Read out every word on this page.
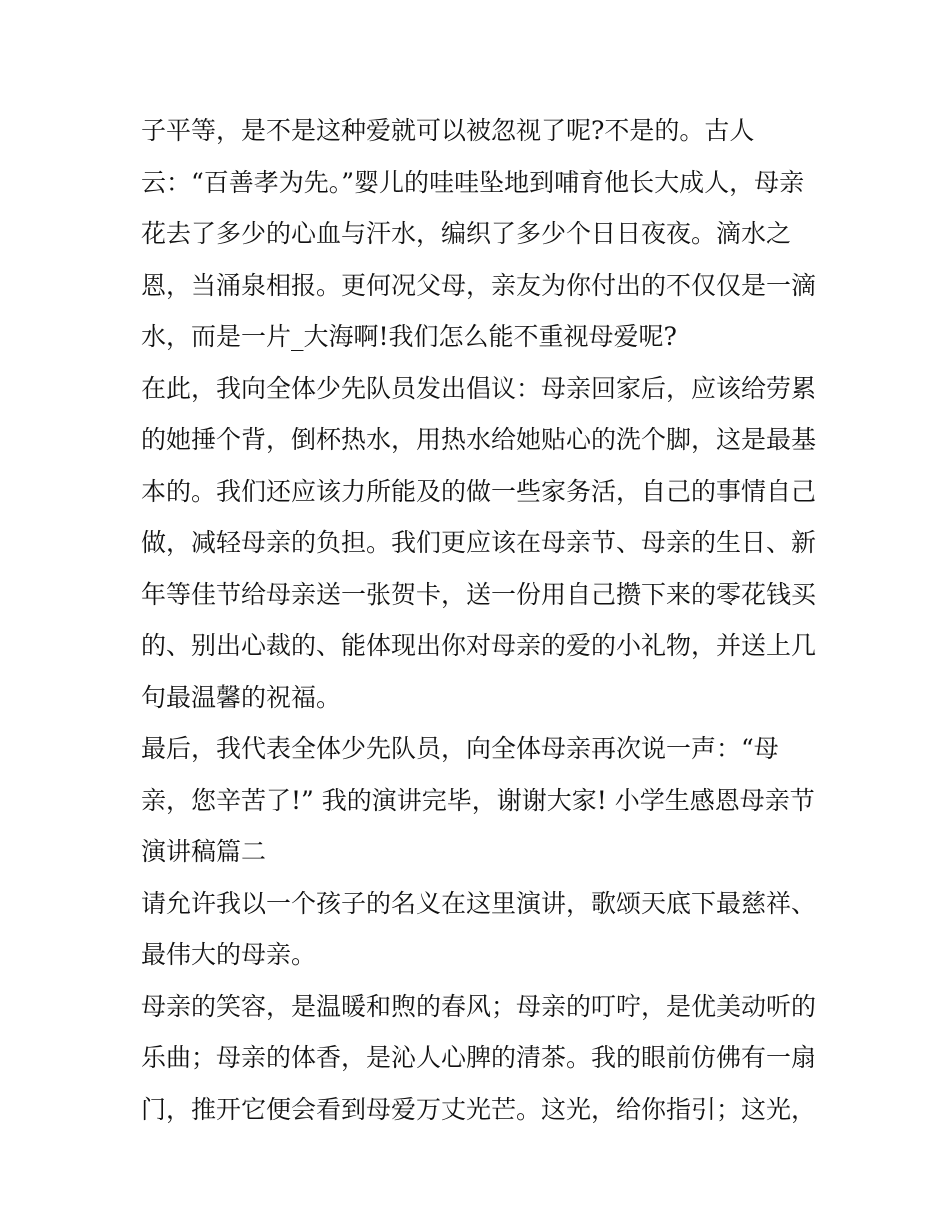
子平等，是不是这种爱就可以被忽视了呢?不是的。古人
云：“百善孝为先。”婴儿的哇哇坠地到哺育他长大成人，母亲
花去了多少的心血与汗水，编织了多少个日日夜夜。滴水之
恩，当涌泉相报。更何况父母，亲友为你付出的不仅仅是一滴
水，而是一片_大海啊!我们怎么能不重视母爱呢?
在此，我向全体少先队员发出倡议：母亲回家后，应该给劳累
的她捶个背，倒杯热水，用热水给她贴心的洗个脚，这是最基
本的。我们还应该力所能及的做一些家务活，自己的事情自己
做，减轻母亲的负担。我们更应该在母亲节、母亲的生日、新
年等佳节给母亲送一张贺卡，送一份用自己攒下来的零花钱买
的、别出心裁的、能体现出你对母亲的爱的小礼物，并送上几
句最温馨的祝福。
最后，我代表全体少先队员，向全体母亲再次说一声：“母
亲，您辛苦了!” 我的演讲完毕，谢谢大家! 小学生感恩母亲节
演讲稿篇二
请允许我以一个孩子的名义在这里演讲，歌颂天底下最慈祥、
最伟大的母亲。
母亲的笑容，是温暖和煦的春风；母亲的叮咛，是优美动听的
乐曲；母亲的体香，是沁人心脾的清茶。我的眼前仿佛有一扇
门，推开它便会看到母爱万丈光芒。这光，给你指引；这光，
